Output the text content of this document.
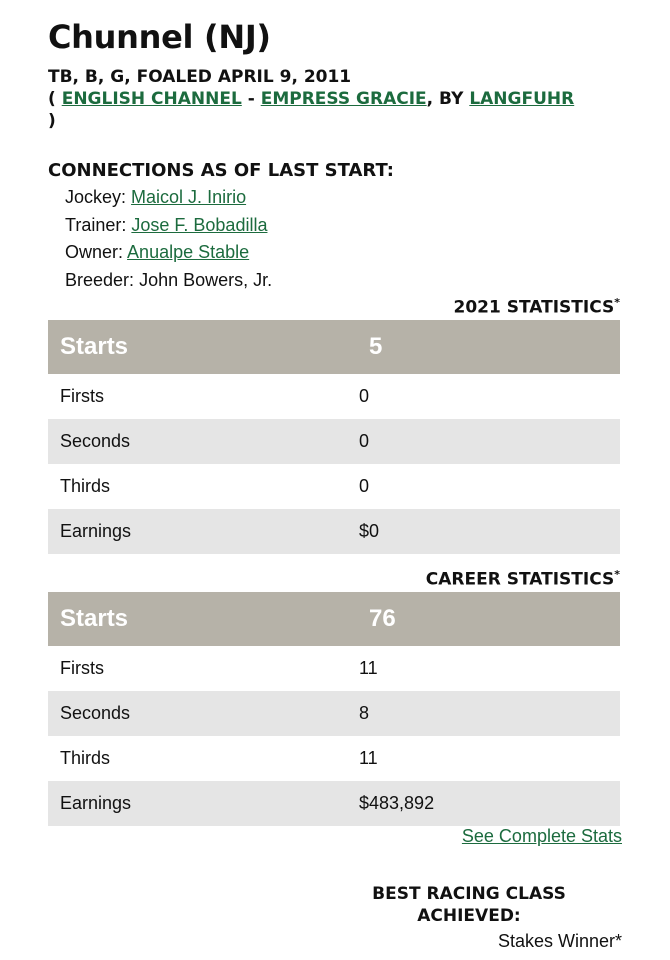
Chunnel (NJ)
TB, B, G, FOALED APRIL 9, 2011
( ENGLISH CHANNEL - EMPRESS GRACIE, BY LANGFUHR
)
CONNECTIONS AS OF LAST START:
Jockey: Maicol J. Inirio
Trainer: Jose F. Bobadilla
Owner: Anualpe Stable
Breeder: John Bowers, Jr.
2021 STATISTICS*
Starts	5
Firsts	0
Seconds	0
Thirds	0
Earnings	$0
CAREER STATISTICS*
Starts	76
Firsts	11
Seconds	8
Thirds	11
Earnings	$483,892
See Complete Stats
BEST RACING CLASS ACHIEVED:
Stakes Winner*
